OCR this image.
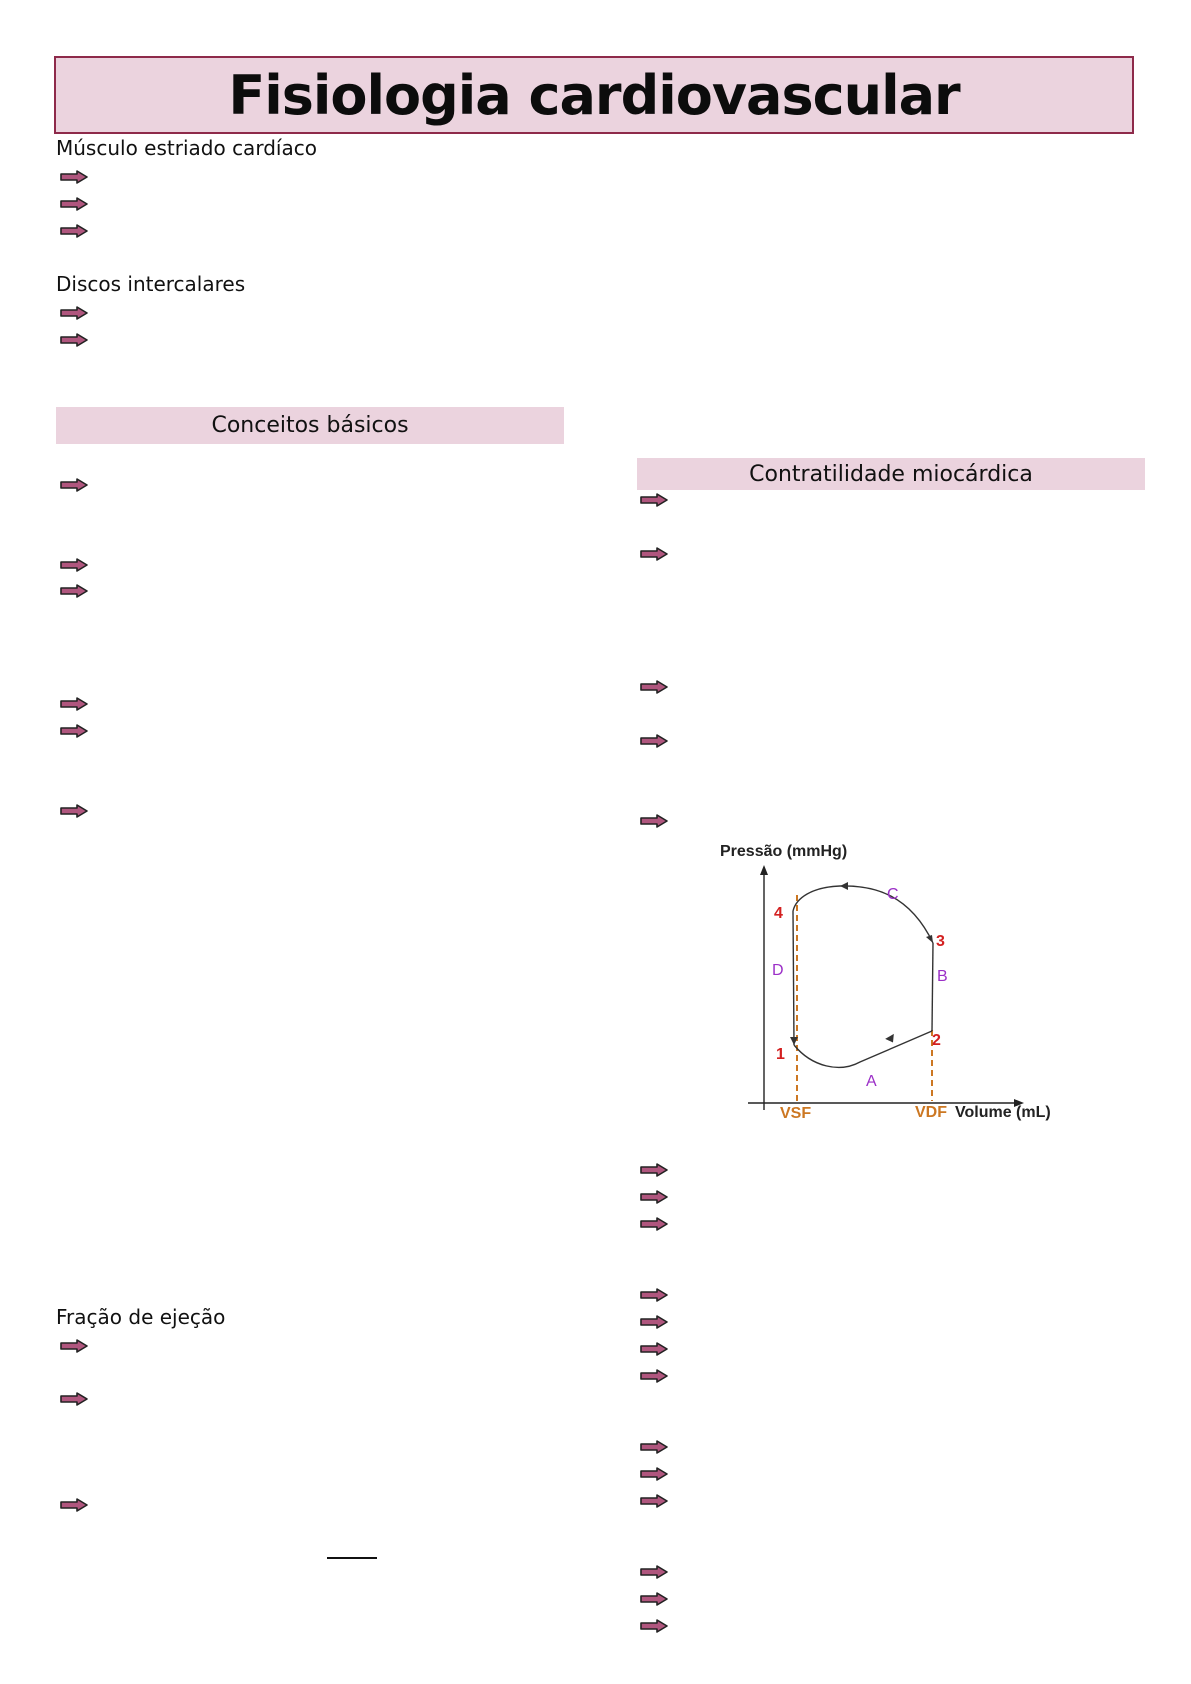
Fisiologia cardiovascular
Músculo estriado cardíaco
Discos intercalares
Conceitos básicos
Fração de ejeção
Contratilidade miocárdica
Pressão (mmHg)
Volume (mL)
4
3
2
1
A
B
C
D
VSF	VDF
